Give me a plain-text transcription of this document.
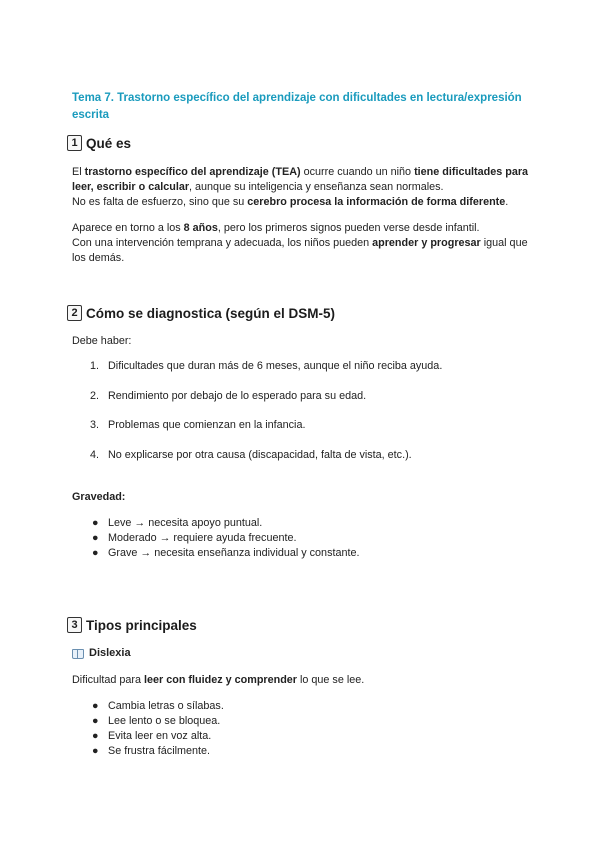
Tema 7. Trastorno específico del aprendizaje con dificultades en lectura/expresión escrita
1 Qué es
El trastorno específico del aprendizaje (TEA) ocurre cuando un niño tiene dificultades para leer, escribir o calcular, aunque su inteligencia y enseñanza sean normales.
No es falta de esfuerzo, sino que su cerebro procesa la información de forma diferente.
Aparece en torno a los 8 años, pero los primeros signos pueden verse desde infantil.
Con una intervención temprana y adecuada, los niños pueden aprender y progresar igual que los demás.
2 Cómo se diagnostica (según el DSM-5)
Debe haber:
1. Dificultades que duran más de 6 meses, aunque el niño reciba ayuda.
2. Rendimiento por debajo de lo esperado para su edad.
3. Problemas que comienzan en la infancia.
4. No explicarse por otra causa (discapacidad, falta de vista, etc.).
Gravedad:
● Leve → necesita apoyo puntual.
● Moderado → requiere ayuda frecuente.
● Grave → necesita enseñanza individual y constante.
3 Tipos principales
Dislexia
Dificultad para leer con fluidez y comprender lo que se lee.
● Cambia letras o sílabas.
● Lee lento o se bloquea.
● Evita leer en voz alta.
● Se frustra fácilmente.
